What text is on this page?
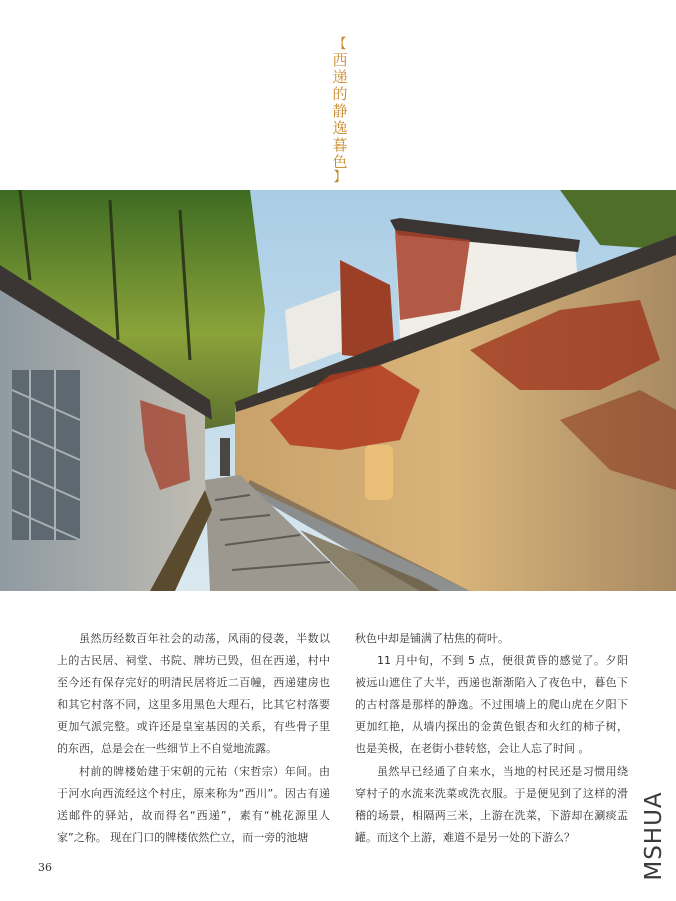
【
西
递
的
静
逸
暮
色
】

虽然历经数百年社会的动荡，风雨的侵袭，半数以上的古民居、祠堂、书院、牌坊已毁，但在西递，村中至今还有保存完好的明清民居将近二百幢，西递建房也和其它村落不同，这里多用黑色大理石，比其它村落要更加气派完整。或许还是皇室基因的关系，有些骨子里的东西，总是会在一些细节上不自觉地流露。

村前的牌楼始建于宋朝的元祐（宋哲宗）年间。由于河水向西流经这个村庄，原来称为“西川”。因古有递送邮件的驿站，故而得名“西递”，素有“桃花源里人家”之称。 现在门口的牌楼依然伫立，而一旁的池塘

秋色中却是铺满了枯焦的荷叶。

11 月中旬，不到 5 点，便很黄昏的感觉了。夕阳被远山遮住了大半，西递也渐渐陷入了夜色中，暮色下的古村落是那样的静逸。不过围墙上的爬山虎在夕阳下更加红艳，从墙内探出的金黄色银杏和火红的柿子树，也是美极，在老街小巷转悠，会让人忘了时间 。

虽然早已经通了自来水，当地的村民还是习惯用绕穿村子的水流来洗菜或洗衣服。于是便见到了这样的滑稽的场景，相隔两三米，上游在洗菜，下游却在涮痰盂罐。而这个上游，难道不是另一处的下游么？

36	MSHUA
